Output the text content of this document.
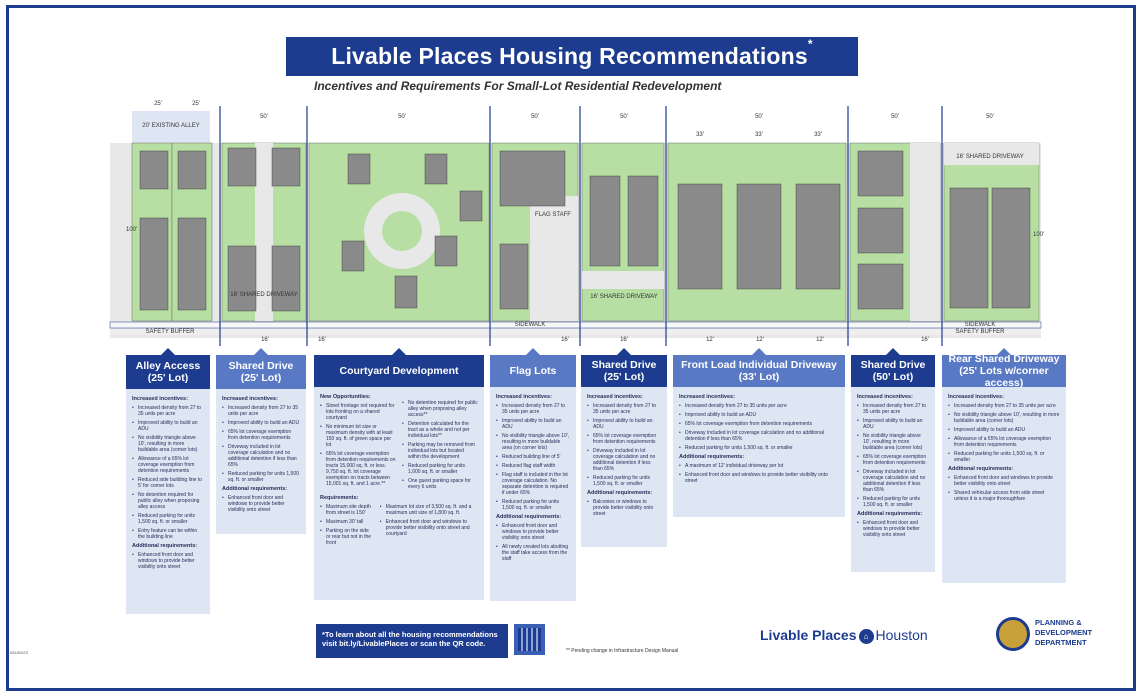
Livable Places Housing Recommendations*
Incentives and Requirements For Small-Lot Residential Redevelopment
20' EXISTING ALLEY
25'	25'
100'
50'
16' SHARED DRIVEWAY
50'
FLAG STAFF
50'
16' SHARED DRIVEWAY
50'
33'	33'	33'
50'	50'
16' SHARED DRIVEWAY
50'
100'
SAFETY BUFFER	SAFETY BUFFER
SIDEWALK	SIDEWALK
16'	16'	16'	16'	12'	12'	12'	16'
Alley Access
(25' Lot)
Increased incentives:
• Increased density from 27 to 35 units per acre
• Improved ability to build an ADU
• No visibility triangle above 10', resulting in more buildable area (corner lots)
• Allowance of a 65% lot coverage exemption from detention requirements
• Reduced side building line to 5' for corner lots
• No detention required for public alley when proposing alley access
• Reduced parking for units 1,500 sq. ft. or smaller
• Entry feature can be within the building line
Additional requirements:
• Enhanced front door and windows to provide better visibility onto street
Shared Drive
(25' Lot)
Increased incentives:
• Increased density from 27 to 35 units per acre
• Improved ability to build an ADU
• 65% lot coverage exemption from detention requirements
• Driveway included in lot coverage calculation and no additional detention if less than 65%
• Reduced parking for units 1,500 sq. ft. or smaller
Additional requirements:
• Enhanced front door and windows to provide better visibility onto street
Courtyard Development
New Opportunities:
• Street frontage not required for lots fronting on a shared courtyard
• No minimum lot size or maximum density with at least 150 sq. ft. of green space per lot
• 65% lot coverage exemption from detention requirements on tracts 15,000 sq. ft. or less. 9,750 sq. ft. lot coverage exemption on tracts between 15,001 sq. ft. and 1 acre.**
• No detention required for public alley when proposing alley access**
• Detention calculated for the tract as a whole and not per individual lots**
• Parking may be removed from individual lots but located within the development
• Reduced parking for units 1,000 sq. ft. or smaller
• One guest parking space for every 6 units
Requirements:
• Maximum site depth from street is 150'
• Maximum 30' tall
• Parking on the side or rear but not in the front
• Maximum lot size of 3,500 sq. ft. and a maximum unit size of 1,800 sq. ft.
• Enhanced front door and windows to provide better visibility onto street and courtyard
Flag Lots
Increased incentives:
• Increased density from 27 to 35 units per acre
• Improved ability to build an ADU
• No visibility triangle above 10', resulting in more buildable area (on corner lots)
• Reduced building line of 5'
• Reduced flag staff width
• Flag staff is included in the lot coverage calculation. No separate detention is required if under 65%
• Reduced parking for units 1,500 sq. ft. or smaller
Additional requirements:
• Enhanced front door and windows to provide better visibility onto street
• All newly created lots abutting the staff take access from the staff
Shared Drive
(25' Lot)
Increased incentives:
• Increased density from 27 to 35 units per acre
• Improved ability to build an ADU
• 65% lot coverage exemption from detention requirements
• Driveway included in lot coverage calculation and no additional detention if less than 65%
• Reduced parking for units 1,500 sq. ft. or smaller
Additional requirements:
• Balconies or windows to provide better visibility onto street
Front Load Individual Driveway
(33' Lot)
Increased incentives:
• Increased density from 27 to 35 units per acre
• Improved ability to build an ADU
• 65% lot coverage exemption from detention requirements
• Driveway included in lot coverage calculation and no additional detention if less than 65%
• Reduced parking for units 1,500 sq. ft. or smaller
Additional requirements:
• A maximum of 12' individual driveway per lot
• Enhanced front door and windows to provide better visibility onto street
Shared Drive
(50' Lot)
Increased incentives:
• Increased density from 27 to 35 units per acre
• Improved ability to build an ADU
• No visibility triangle above 10', resulting in more buildable area (corner lots)
• 65% lot coverage exemption from detention requirements
• Driveway included in lot coverage calculation and no additional detention if less than 65%
• Reduced parking for units 1,500 sq. ft. or smaller
Additional requirements:
• Enhanced front door and windows to provide better visibility onto street
Rear Shared Driveway
(25' Lots w/corner access)
Increased incentives:
• Increased density from 27 to 35 units per acre
• No visibility triangle above 10', resulting in more buildable area (corner lots)
• Improved ability to build an ADU
• Allowance of a 65% lot coverage exemption from detention requirements
• Reduced parking for units 1,500 sq. ft. or smaller
Additional requirements:
• Enhanced front door and windows to provide better visibility onto street
• Shared vehicular access from side street unless it is a major thoroughfare
*To learn about all the housing recommendations visit bit.ly/LivablePlaces or scan the QR code.
** Pending change in Infrastructure Design Manual
Livable Places ⌂ Houston
PLANNING &
DEVELOPMENT
DEPARTMENT
08182023
